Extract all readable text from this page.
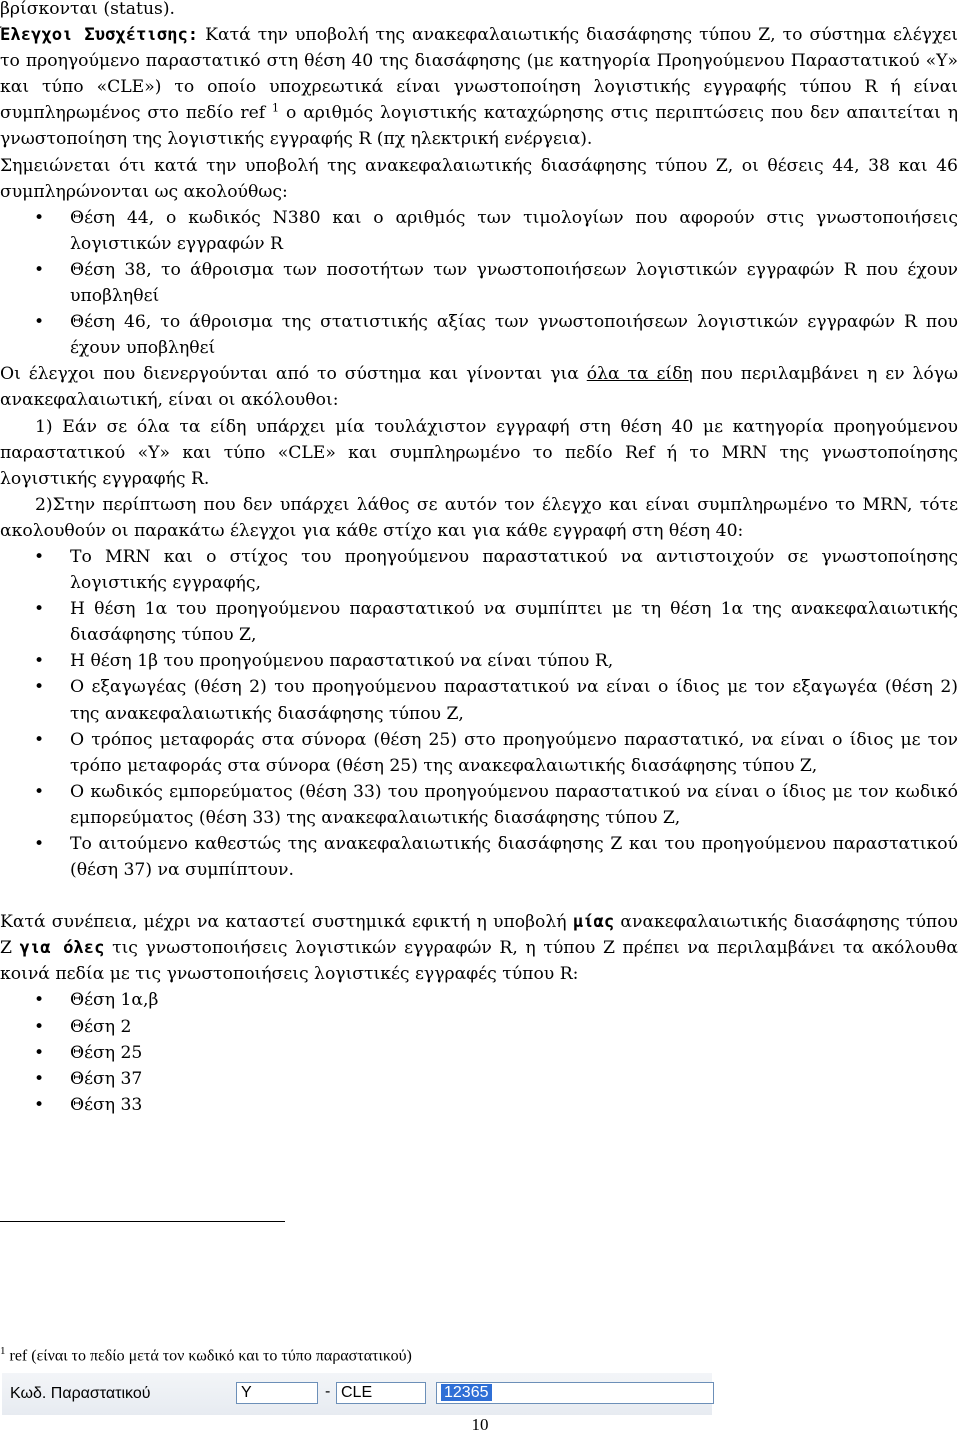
βρίσκονται (status).

Έλεγχοι Συσχέτισης: Κατά την υποβολή της ανακεφαλαιωτικής διασάφησης τύπου Ζ, το σύστημα ελέγχει το προηγούμενο παραστατικό στη θέση 40 της διασάφησης (με κατηγορία Προηγούμενου Παραστατικού «Υ» και τύπο «CLE») το οποίο υποχρεωτικά είναι γνωστοποίηση λογιστικής εγγραφής τύπου R ή είναι συμπληρωμένος στο πεδίο ref $^1$ ο αριθμός λογιστικής καταχώρησης στις περιπτώσεις που δεν απαιτείται η γνωστοποίηση της λογιστικής εγγραφής R (πχ ηλεκτρική ενέργεια).

Σημειώνεται ότι κατά την υποβολή της ανακεφαλαιωτικής διασάφησης τύπου Ζ, οι θέσεις 44, 38 και 46 συμπληρώνονται ως ακολούθως:

• Θέση 44, ο κωδικός Ν380 και ο αριθμός των τιμολογίων που αφορούν στις γνωστοποιήσεις λογιστικών εγγραφών R
• Θέση 38, το άθροισμα των ποσοτήτων των γνωστοποιήσεων λογιστικών εγγραφών R που έχουν υποβληθεί
• Θέση 46, το άθροισμα της στατιστικής αξίας των γνωστοποιήσεων λογιστικών εγγραφών R που έχουν υποβληθεί

Οι έλεγχοι που διενεργούνται από το σύστημα και γίνονται για όλα τα είδη που περιλαμβάνει η εν λόγω ανακεφαλαιωτική, είναι οι ακόλουθοι:

1) Εάν σε όλα τα είδη υπάρχει μία τουλάχιστον εγγραφή στη θέση 40 με κατηγορία προηγούμενου παραστατικού «Υ» και τύπο «CLE» και συμπληρωμένο το πεδίο Ref ή το MRN της γνωστοποίησης λογιστικής εγγραφής R.

2)Στην περίπτωση που δεν υπάρχει λάθος σε αυτόν τον έλεγχο και είναι συμπληρωμένο το MRN, τότε ακολουθούν οι παρακάτω έλεγχοι για κάθε στίχο και για κάθε εγγραφή στη θέση 40:

• Το MRN και ο στίχος του προηγούμενου παραστατικού να αντιστοιχούν σε γνωστοποίησης λογιστικής εγγραφής,
• Η θέση 1α του προηγούμενου παραστατικού να συμπίπτει με τη θέση 1α της ανακεφαλαιωτικής διασάφησης τύπου Ζ,
• Η θέση 1β του προηγούμενου παραστατικού να είναι τύπου R,
• Ο εξαγωγέας (θέση 2) του προηγούμενου παραστατικού να είναι ο ίδιος με τον εξαγωγέα (θέση 2) της ανακεφαλαιωτικής διασάφησης τύπου Ζ,
• Ο τρόπος μεταφοράς στα σύνορα (θέση 25) στο προηγούμενο παραστατικό, να είναι ο ίδιος με τον τρόπο μεταφοράς στα σύνορα (θέση 25) της ανακεφαλαιωτικής διασάφησης τύπου Ζ,
• Ο κωδικός εμπορεύματος (θέση 33) του προηγούμενου παραστατικού να είναι ο ίδιος με τον κωδικό εμπορεύματος (θέση 33) της ανακεφαλαιωτικής διασάφησης τύπου Ζ,
• Το αιτούμενο καθεστώς της ανακεφαλαιωτικής διασάφησης Ζ και του προηγούμενου παραστατικού (θέση 37) να συμπίπτουν.

Κατά συνέπεια, μέχρι να καταστεί συστημικά εφικτή η υποβολή μίας ανακεφαλαιωτικής διασάφησης τύπου Ζ για όλες τις γνωστοποιήσεις λογιστικών εγγραφών R, η τύπου Ζ πρέπει να περιλαμβάνει τα ακόλουθα κοινά πεδία με τις γνωστοποιήσεις λογιστικές εγγραφές τύπου R:

• Θέση 1α,β
• Θέση 2
• Θέση 25
• Θέση 37
• Θέση 33
$^1$ ref (είναι το πεδίο μετά τον κωδικό και το τύπο παραστατικού)
Κωδ. Παραστατικού	Y	- CLE	12365
10
